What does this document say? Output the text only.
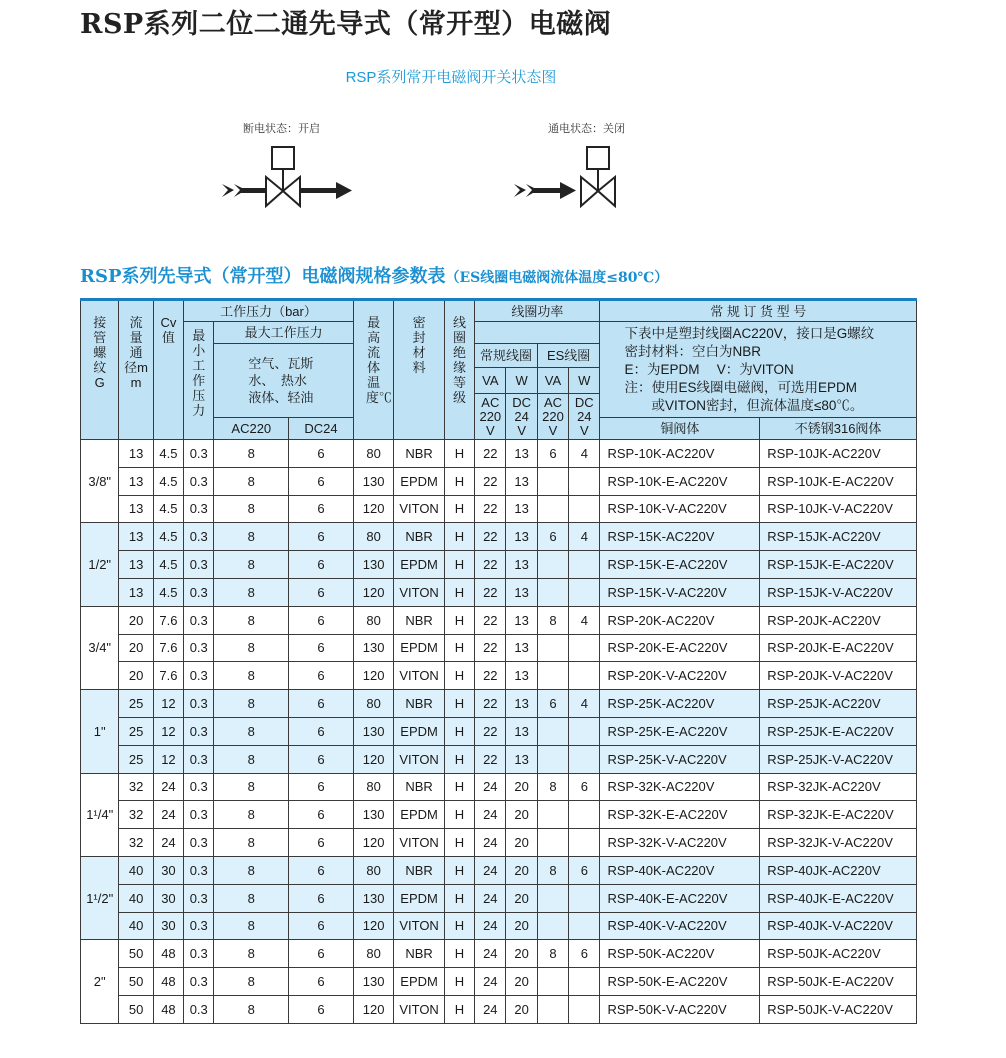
RSP系列二位二通先导式（常开型）电磁阀
RSP系列常开电磁阀开关状态图
断电状态：开启	通电状态：关闭
RSP系列先导式（常开型）电磁阀规格参数表（ES线圈电磁阀流体温度≤80℃）
接管螺纹G	流量通径mm	Cv值	工作压力（bar）			最高流体温度℃	密封材料	线圈绝缘等级	线圈功率				常 规 订 货 型 号	
			最小工作压力	最大工作压力									下表中是塑封线圈AC220V，接口是G螺纹
密封材料：空白为NBR
E：为EPDM　 V：为VITON
注：使用ES线圈电磁阀，可选用EPDM
　　或VITON密封，但流体温度≤80℃。	
				空气、瓦斯
水、　热水
液体、轻油					常规线圈		ES线圈			
									VA	W	VA	W		
									AC
220
V	DC
24
V	AC
220
V	DC
24
V		
				AC220	DC24								铜阀体	不锈钢316阀体
3/8"	13	4.5	0.3	8	6	80	NBR	H	22	13	6	4	RSP-10K-AC220V	RSP-10JK-AC220V
	13	4.5	0.3	8	6	130	EPDM	H	22	13			RSP-10K-E-AC220V	RSP-10JK-E-AC220V
	13	4.5	0.3	8	6	120	VITON	H	22	13			RSP-10K-V-AC220V	RSP-10JK-V-AC220V
1/2"	13	4.5	0.3	8	6	80	NBR	H	22	13	6	4	RSP-15K-AC220V	RSP-15JK-AC220V
	13	4.5	0.3	8	6	130	EPDM	H	22	13			RSP-15K-E-AC220V	RSP-15JK-E-AC220V
	13	4.5	0.3	8	6	120	VITON	H	22	13			RSP-15K-V-AC220V	RSP-15JK-V-AC220V
3/4"	20	7.6	0.3	8	6	80	NBR	H	22	13	8	4	RSP-20K-AC220V	RSP-20JK-AC220V
	20	7.6	0.3	8	6	130	EPDM	H	22	13			RSP-20K-E-AC220V	RSP-20JK-E-AC220V
	20	7.6	0.3	8	6	120	VITON	H	22	13			RSP-20K-V-AC220V	RSP-20JK-V-AC220V
1"	25	12	0.3	8	6	80	NBR	H	22	13	6	4	RSP-25K-AC220V	RSP-25JK-AC220V
	25	12	0.3	8	6	130	EPDM	H	22	13			RSP-25K-E-AC220V	RSP-25JK-E-AC220V
	25	12	0.3	8	6	120	VITON	H	22	13			RSP-25K-V-AC220V	RSP-25JK-V-AC220V
1¹/4"	32	24	0.3	8	6	80	NBR	H	24	20	8	6	RSP-32K-AC220V	RSP-32JK-AC220V
	32	24	0.3	8	6	130	EPDM	H	24	20			RSP-32K-E-AC220V	RSP-32JK-E-AC220V
	32	24	0.3	8	6	120	VITON	H	24	20			RSP-32K-V-AC220V	RSP-32JK-V-AC220V
1¹/2"	40	30	0.3	8	6	80	NBR	H	24	20	8	6	RSP-40K-AC220V	RSP-40JK-AC220V
	40	30	0.3	8	6	130	EPDM	H	24	20			RSP-40K-E-AC220V	RSP-40JK-E-AC220V
	40	30	0.3	8	6	120	VITON	H	24	20			RSP-40K-V-AC220V	RSP-40JK-V-AC220V
2"	50	48	0.3	8	6	80	NBR	H	24	20	8	6	RSP-50K-AC220V	RSP-50JK-AC220V
	50	48	0.3	8	6	130	EPDM	H	24	20			RSP-50K-E-AC220V	RSP-50JK-E-AC220V
	50	48	0.3	8	6	120	VITON	H	24	20			RSP-50K-V-AC220V	RSP-50JK-V-AC220V
